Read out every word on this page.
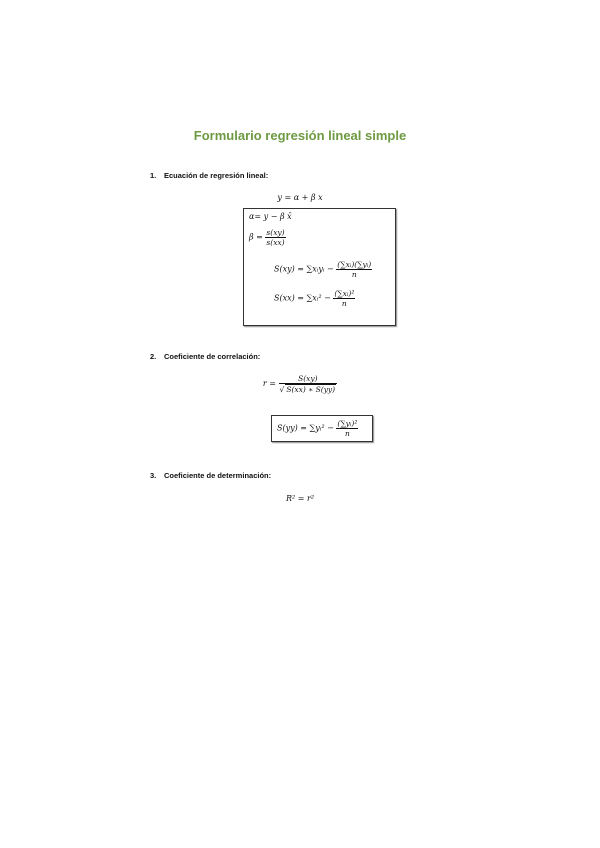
Formulario regresión lineal simple
1. Ecuación de regresión lineal:
y = α + β x
α= y − β x̄
$\beta = \frac{s(xy)}{s(xx)}$
S(xy) = ∑xᵢyᵢ − $\frac{\text{(∑xᵢ)(∑yᵢ)}}{n}$
S(xx) = ∑xᵢ² − $\frac{\text{(∑xᵢ)²}}{n}$
2. Coeficiente de correlación:
$r = \frac{S(xy)}{√ S(xx) ∗ S(yy)}$
S(yy) = ∑yᵢ² − $\frac{\text{(∑yᵢ)²}}{n}$
3. Coeficiente de determinación:
R² = r²
